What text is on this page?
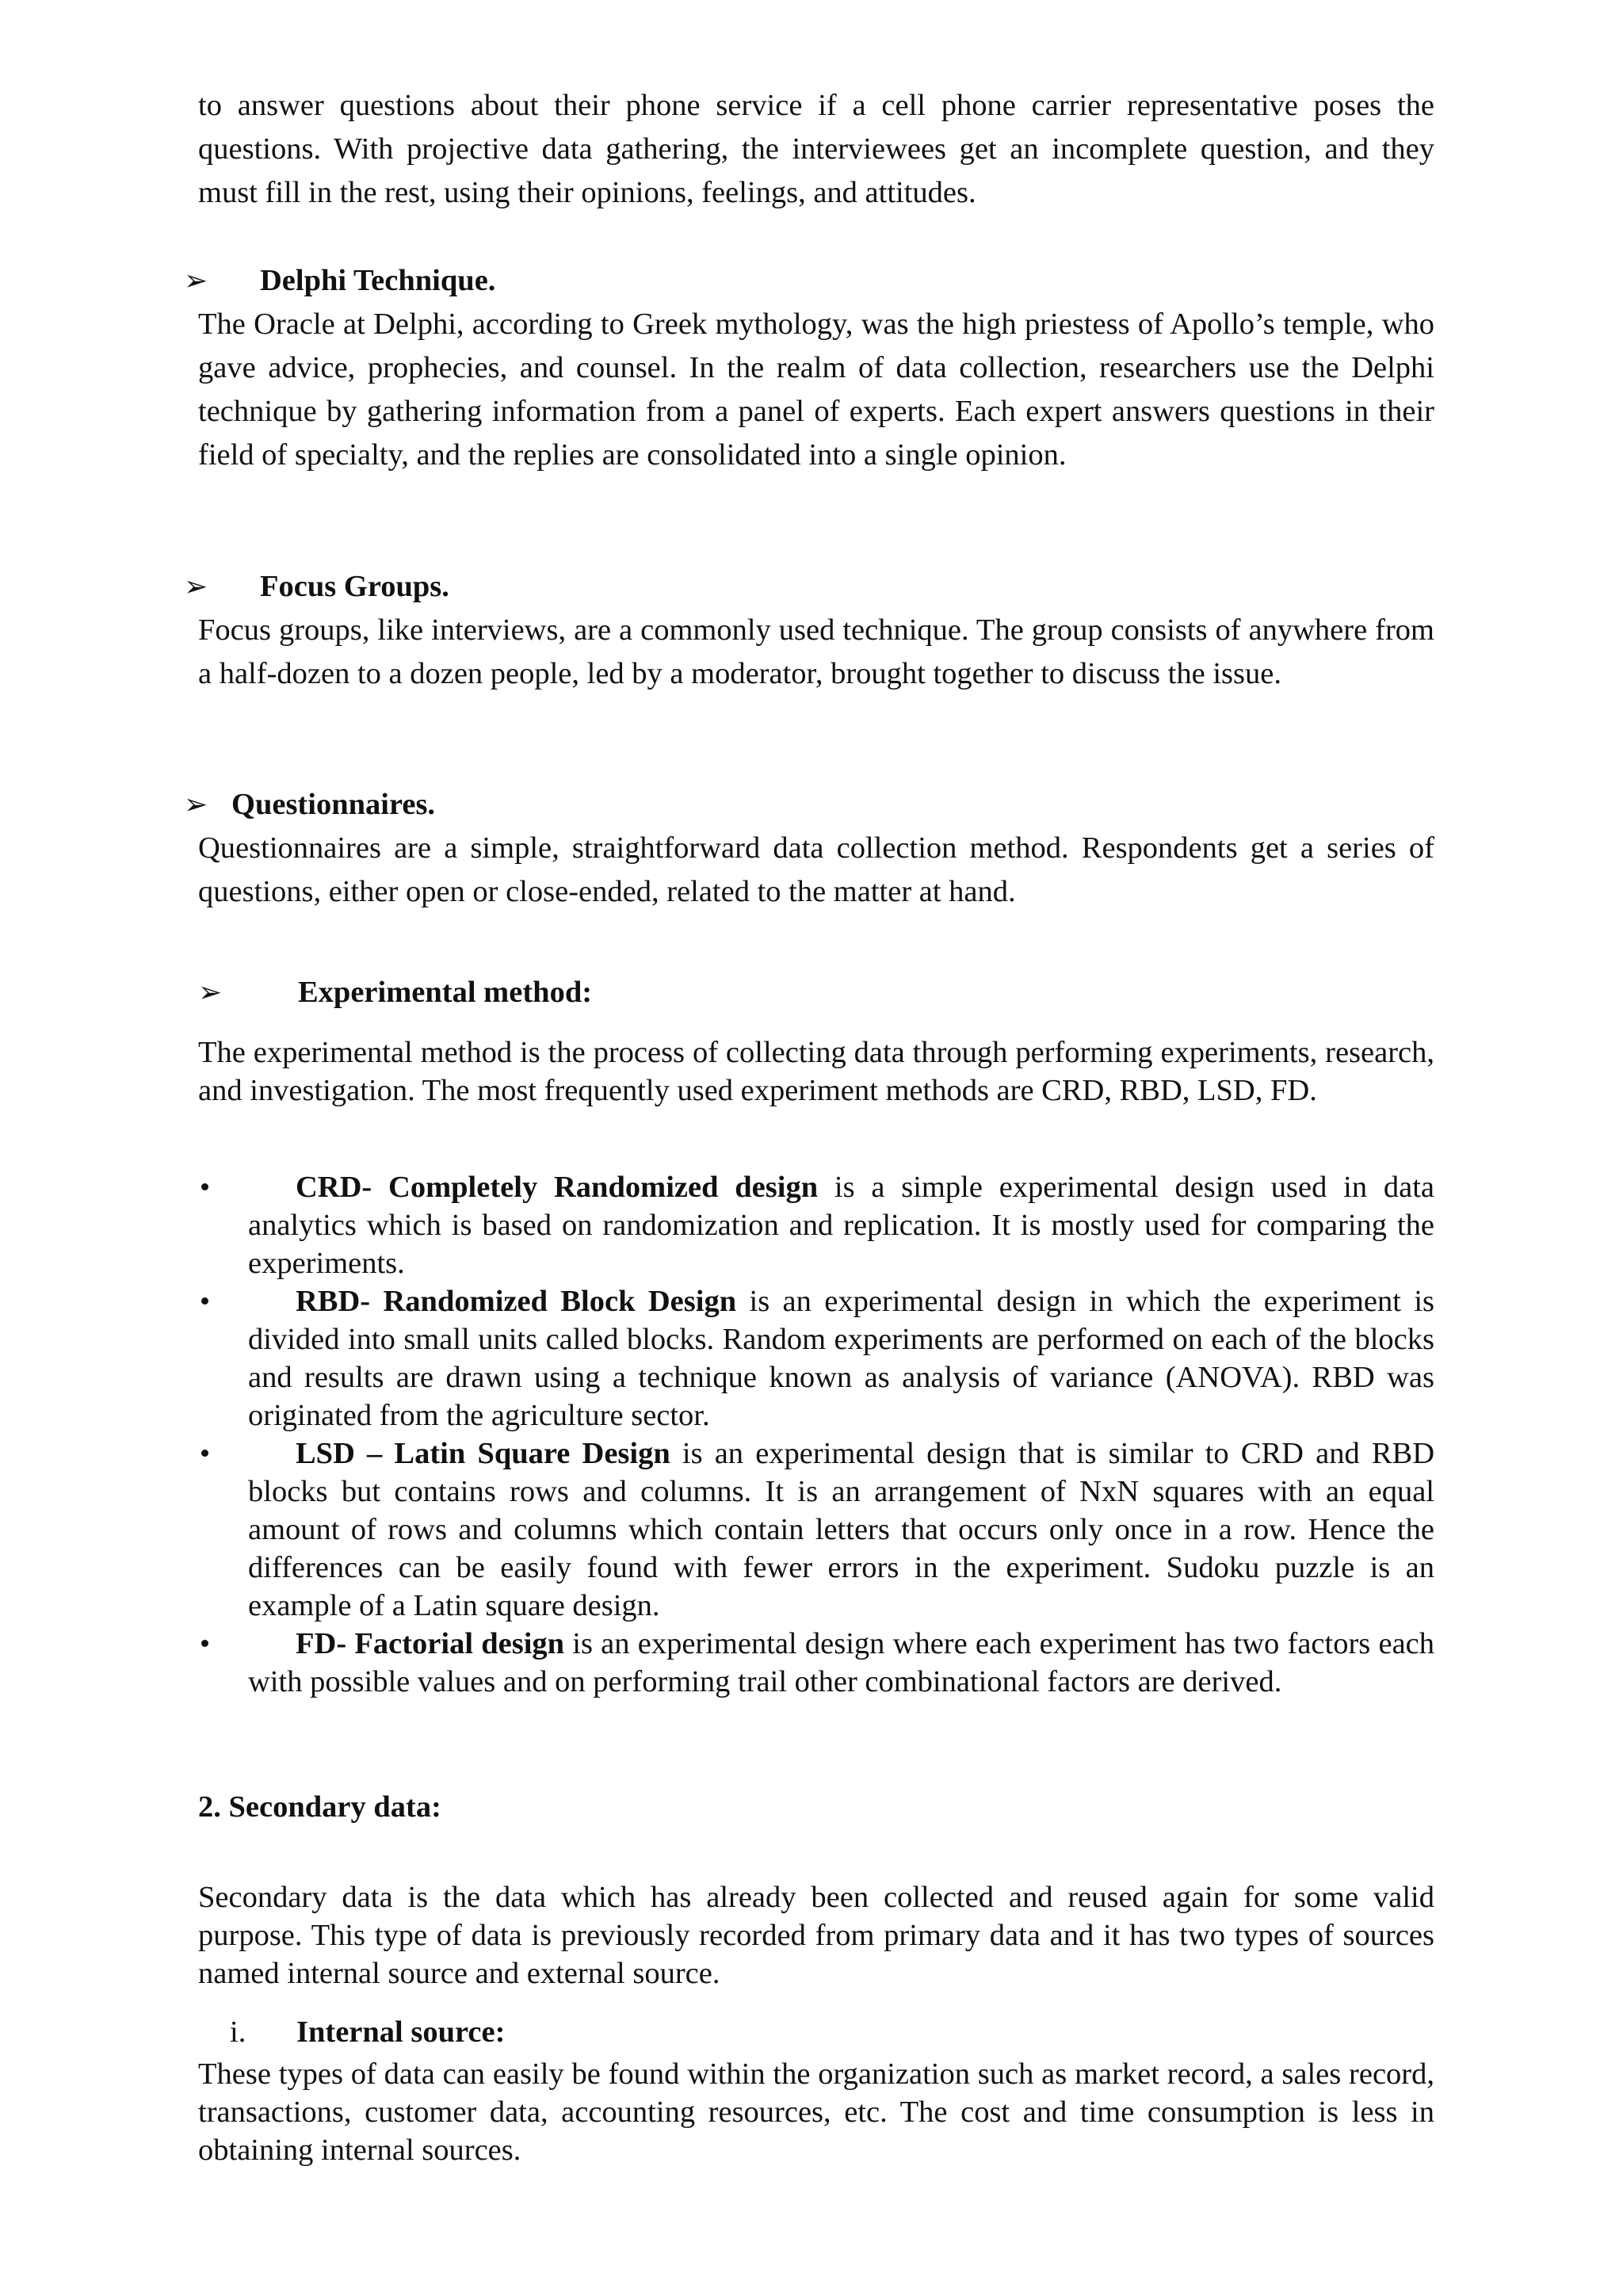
to answer questions about their phone service if a cell phone carrier representative poses the questions. With projective data gathering, the interviewees get an incomplete question, and they must fill in the rest, using their opinions, feelings, and attitudes.

➢ Delphi Technique.

The Oracle at Delphi, according to Greek mythology, was the high priestess of Apollo’s temple, who gave advice, prophecies, and counsel. In the realm of data collection, researchers use the Delphi technique by gathering information from a panel of experts. Each expert answers questions in their field of specialty, and the replies are consolidated into a single opinion.

➢ Focus Groups.

Focus groups, like interviews, are a commonly used technique. The group consists of anywhere from a half-dozen to a dozen people, led by a moderator, brought together to discuss the issue.

➢ Questionnaires.

Questionnaires are a simple, straightforward data collection method. Respondents get a series of questions, either open or close-ended, related to the matter at hand.

➢ Experimental method:

The experimental method is the process of collecting data through performing experiments, research, and investigation. The most frequently used experiment methods are CRD, RBD, LSD, FD.

CRD- Completely Randomized design is a simple experimental design used in data analytics which is based on randomization and replication. It is mostly used for comparing the experiments.

RBD- Randomized Block Design is an experimental design in which the experiment is divided into small units called blocks. Random experiments are performed on each of the blocks and results are drawn using a technique known as analysis of variance (ANOVA). RBD was originated from the agriculture sector.

LSD – Latin Square Design is an experimental design that is similar to CRD and RBD blocks but contains rows and columns. It is an arrangement of NxN squares with an equal amount of rows and columns which contain letters that occurs only once in a row. Hence the differences can be easily found with fewer errors in the experiment. Sudoku puzzle is an example of a Latin square design.

FD- Factorial design is an experimental design where each experiment has two factors each with possible values and on performing trail other combinational factors are derived.

2. Secondary data:

Secondary data is the data which has already been collected and reused again for some valid purpose. This type of data is previously recorded from primary data and it has two types of sources named internal source and external source.

i. Internal source:

These types of data can easily be found within the organization such as market record, a sales record, transactions, customer data, accounting resources, etc. The cost and time consumption is less in obtaining internal sources.
